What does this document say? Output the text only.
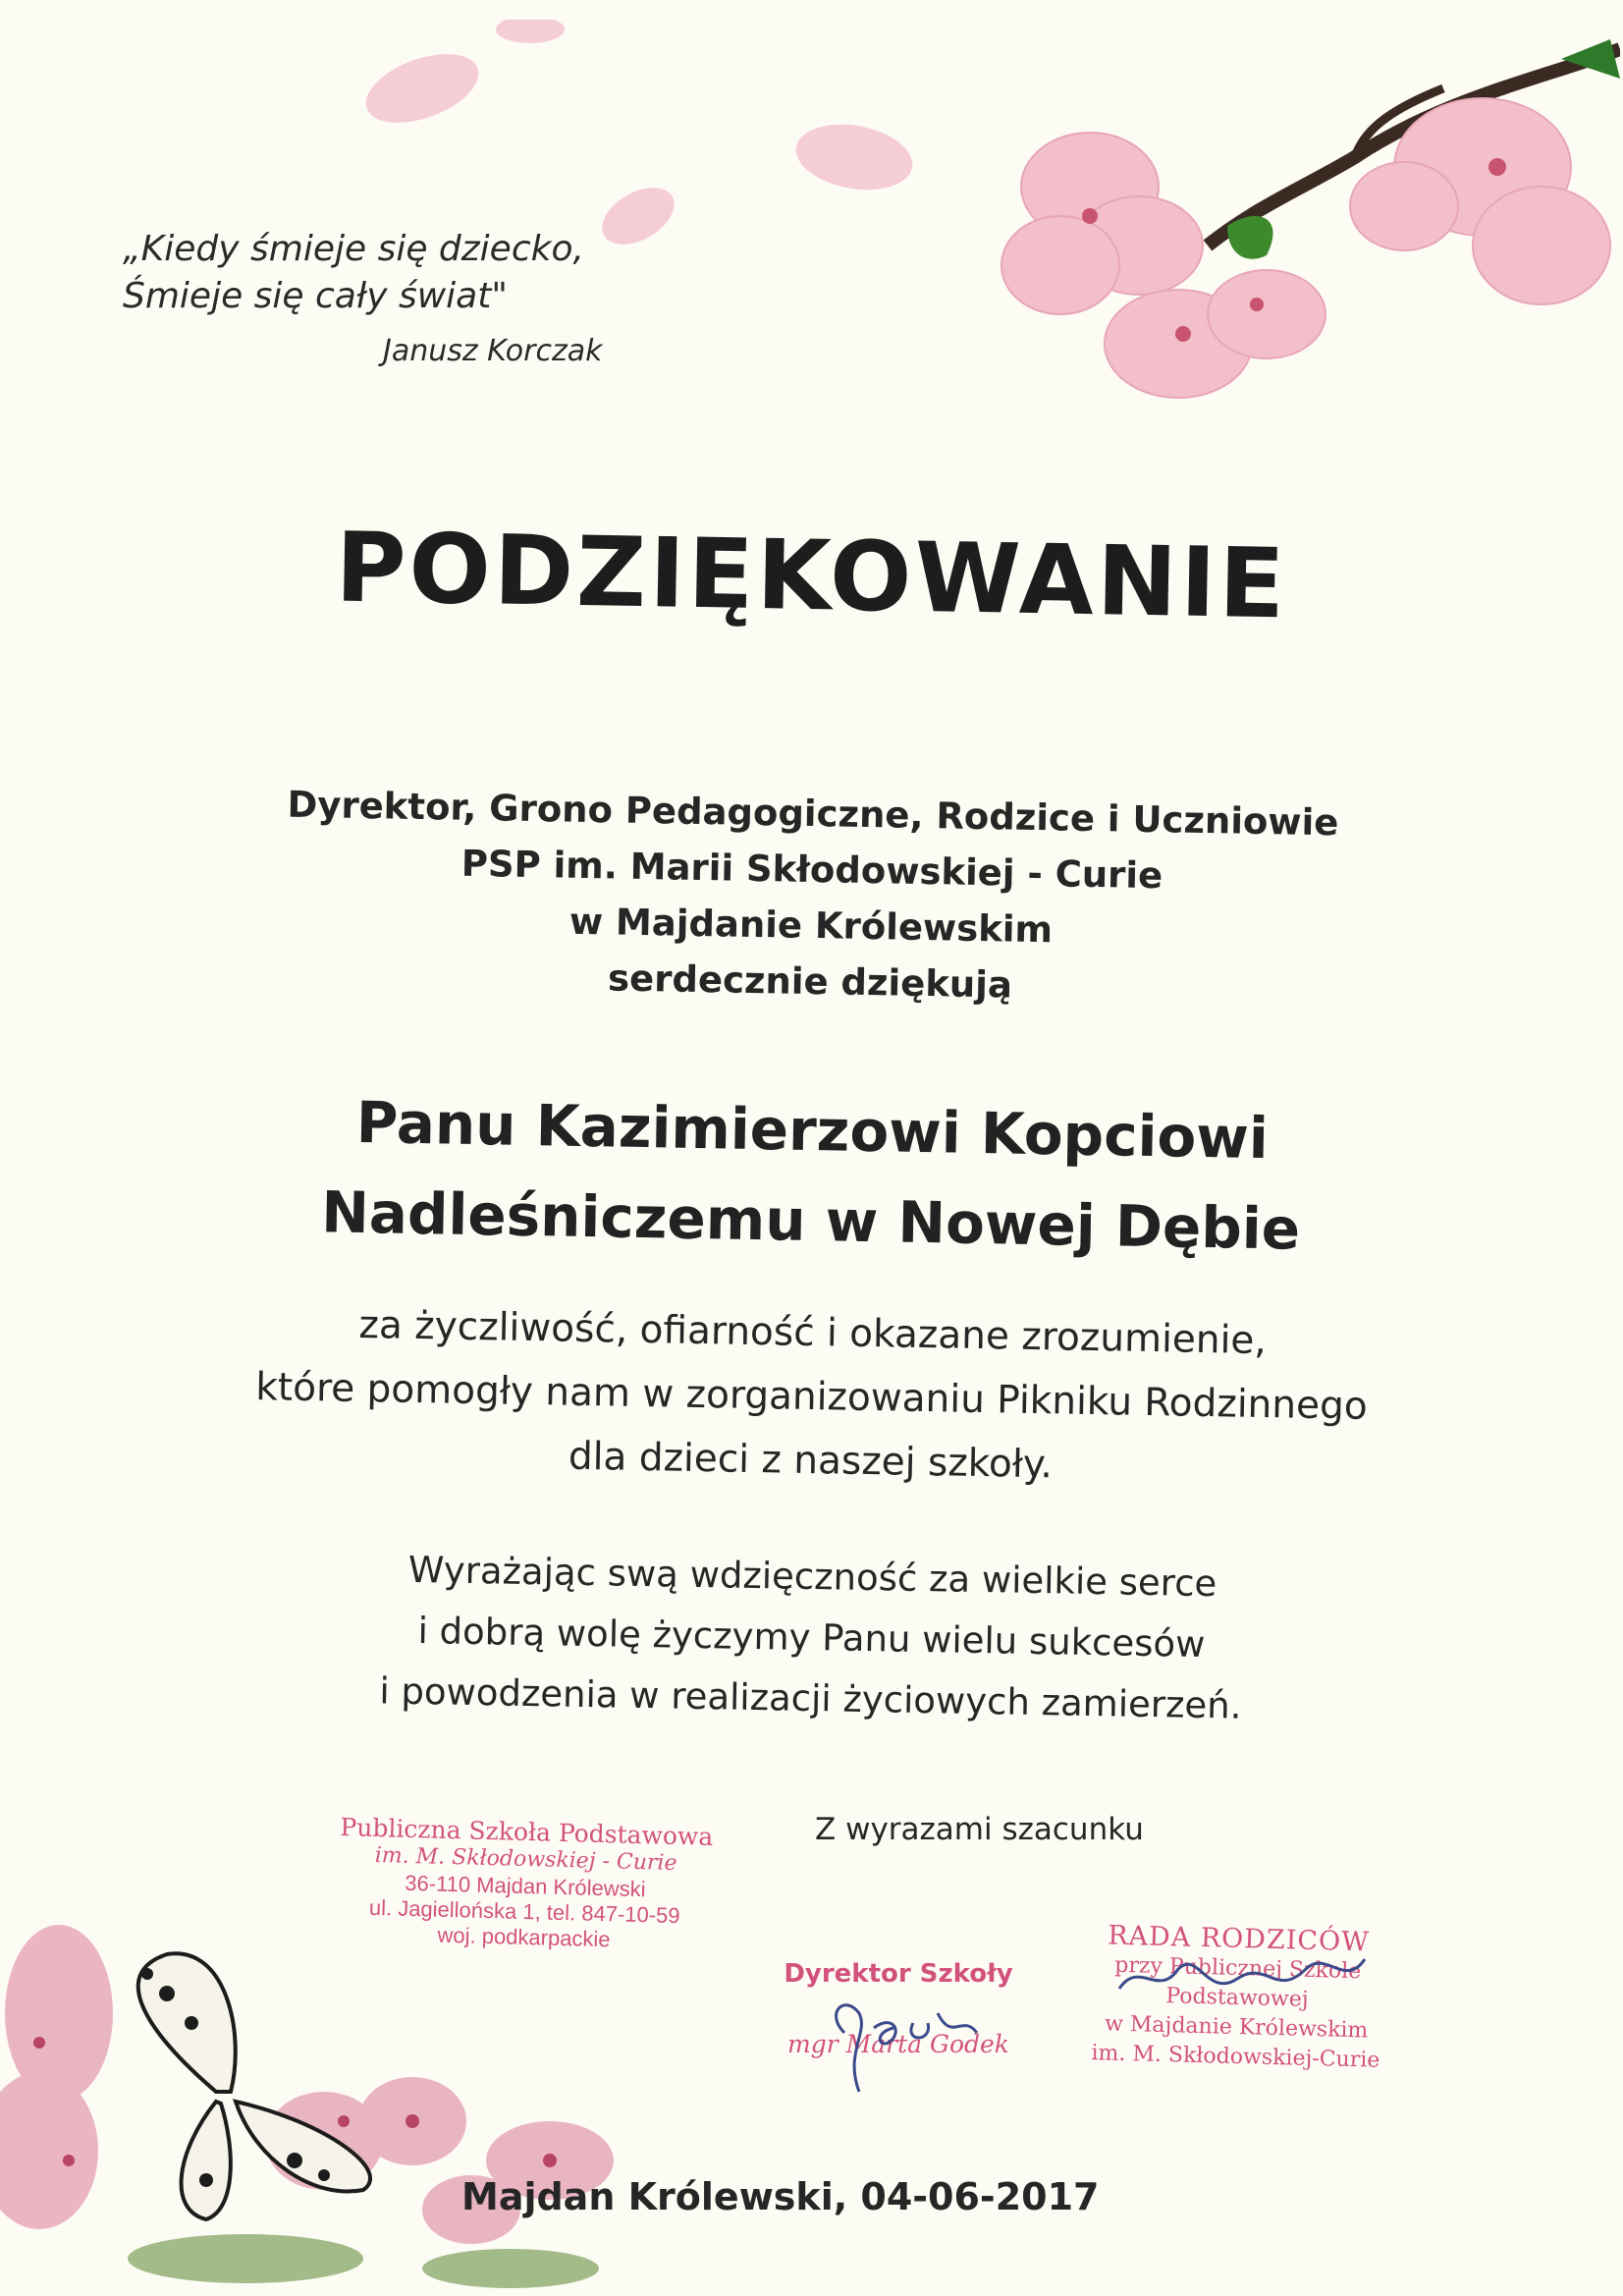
„Kiedy śmieje się dziecko,
Śmieje się cały świat"
Janusz Korczak
PODZIĘKOWANIE
Dyrektor, Grono Pedagogiczne, Rodzice i Uczniowie
PSP im. Marii Skłodowskiej - Curie
w Majdanie Królewskim
serdecznie dziękują
Panu Kazimierzowi Kopciowi
Nadleśniczemu w Nowej Dębie
za życzliwość, ofiarność i okazane zrozumienie,
które pomogły nam w zorganizowaniu Pikniku Rodzinnego
dla dzieci z naszej szkoły.
Wyrażając swą wdzięczność za wielkie serce
i dobrą wolę życzymy Panu wielu sukcesów
i powodzenia w realizacji życiowych zamierzeń.
Z wyrazami szacunku
Publiczna Szkoła Podstawowa
im. M. Skłodowskiej - Curie
36-110 Majdan Królewski
ul. Jagiellońska 1, tel. 847-10-59
woj. podkarpackie
Dyrektor Szkoły
mgr Marta Godek
RADA RODZICÓW
przy Publicznej Szkole Podstawowej
w Majdanie Królewskim
im. M. Skłodowskiej-Curie
Majdan Królewski, 04-06-2017
